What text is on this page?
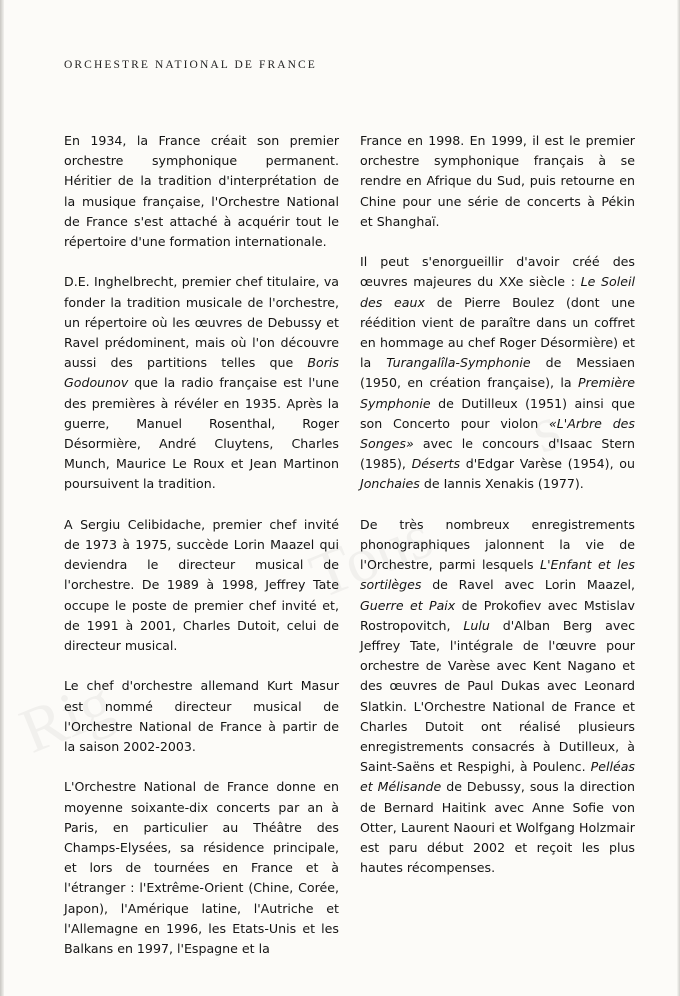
ORCHESTRE NATIONAL DE FRANCE

En 1934, la France créait son premier orchestre symphonique permanent. Héritier de la tradition d'interprétation de la musique française, l'Orchestre National de France s'est attaché à acquérir tout le répertoire d'une formation internationale.

D.E. Inghelbrecht, premier chef titulaire, va fonder la tradition musicale de l'orchestre, un répertoire où les œuvres de Debussy et Ravel prédominent, mais où l'on découvre aussi des partitions telles que Boris Godounov que la radio française est l'une des premières à révéler en 1935. Après la guerre, Manuel Rosenthal, Roger Désormière, André Cluytens, Charles Munch, Maurice Le Roux et Jean Martinon poursuivent la tradition.

A Sergiu Celibidache, premier chef invité de 1973 à 1975, succède Lorin Maazel qui deviendra le directeur musical de l'orchestre. De 1989 à 1998, Jeffrey Tate occupe le poste de premier chef invité et, de 1991 à 2001, Charles Dutoit, celui de directeur musical.

Le chef d'orchestre allemand Kurt Masur est nommé directeur musical de l'Orchestre National de France à partir de la saison 2002-2003.

L'Orchestre National de France donne en moyenne soixante-dix concerts par an à Paris, en particulier au Théâtre des Champs-Elysées, sa résidence principale, et lors de tournées en France et à l'étranger : l'Extrême-Orient (Chine, Corée, Japon), l'Amérique latine, l'Autriche et l'Allemagne en 1996, les Etats-Unis et les Balkans en 1997, l'Espagne et la

France en 1998. En 1999, il est le premier orchestre symphonique français à se rendre en Afrique du Sud, puis retourne en Chine pour une série de concerts à Pékin et Shanghaï.

Il peut s'enorgueillir d'avoir créé des œuvres majeures du XXe siècle : Le Soleil des eaux de Pierre Boulez (dont une réédition vient de paraître dans un coffret en hommage au chef Roger Désormière) et la Turangalîla-Symphonie de Messiaen (1950, en création française), la Première Symphonie de Dutilleux (1951) ainsi que son Concerto pour violon «L'Arbre des Songes» avec le concours d'Isaac Stern (1985), Déserts d'Edgar Varèse (1954), ou Jonchaies de Iannis Xenakis (1977).

De très nombreux enregistrements phonographiques jalonnent la vie de l'Orchestre, parmi lesquels L'Enfant et les sortilèges de Ravel avec Lorin Maazel, Guerre et Paix de Prokofiev avec Mstislav Rostropovitch, Lulu d'Alban Berg avec Jeffrey Tate, l'intégrale de l'œuvre pour orchestre de Varèse avec Kent Nagano et des œuvres de Paul Dukas avec Leonard Slatkin. L'Orchestre National de France et Charles Dutoit ont réalisé plusieurs enregistrements consacrés à Dutilleux, à Saint-Saëns et Respighi, à Poulenc. Pelléas et Mélisande de Debussy, sous la direction de Bernard Haitink avec Anne Sofie von Otter, Laurent Naouri et Wolfgang Holzmair est paru début 2002 et reçoit les plus hautes récompenses.
